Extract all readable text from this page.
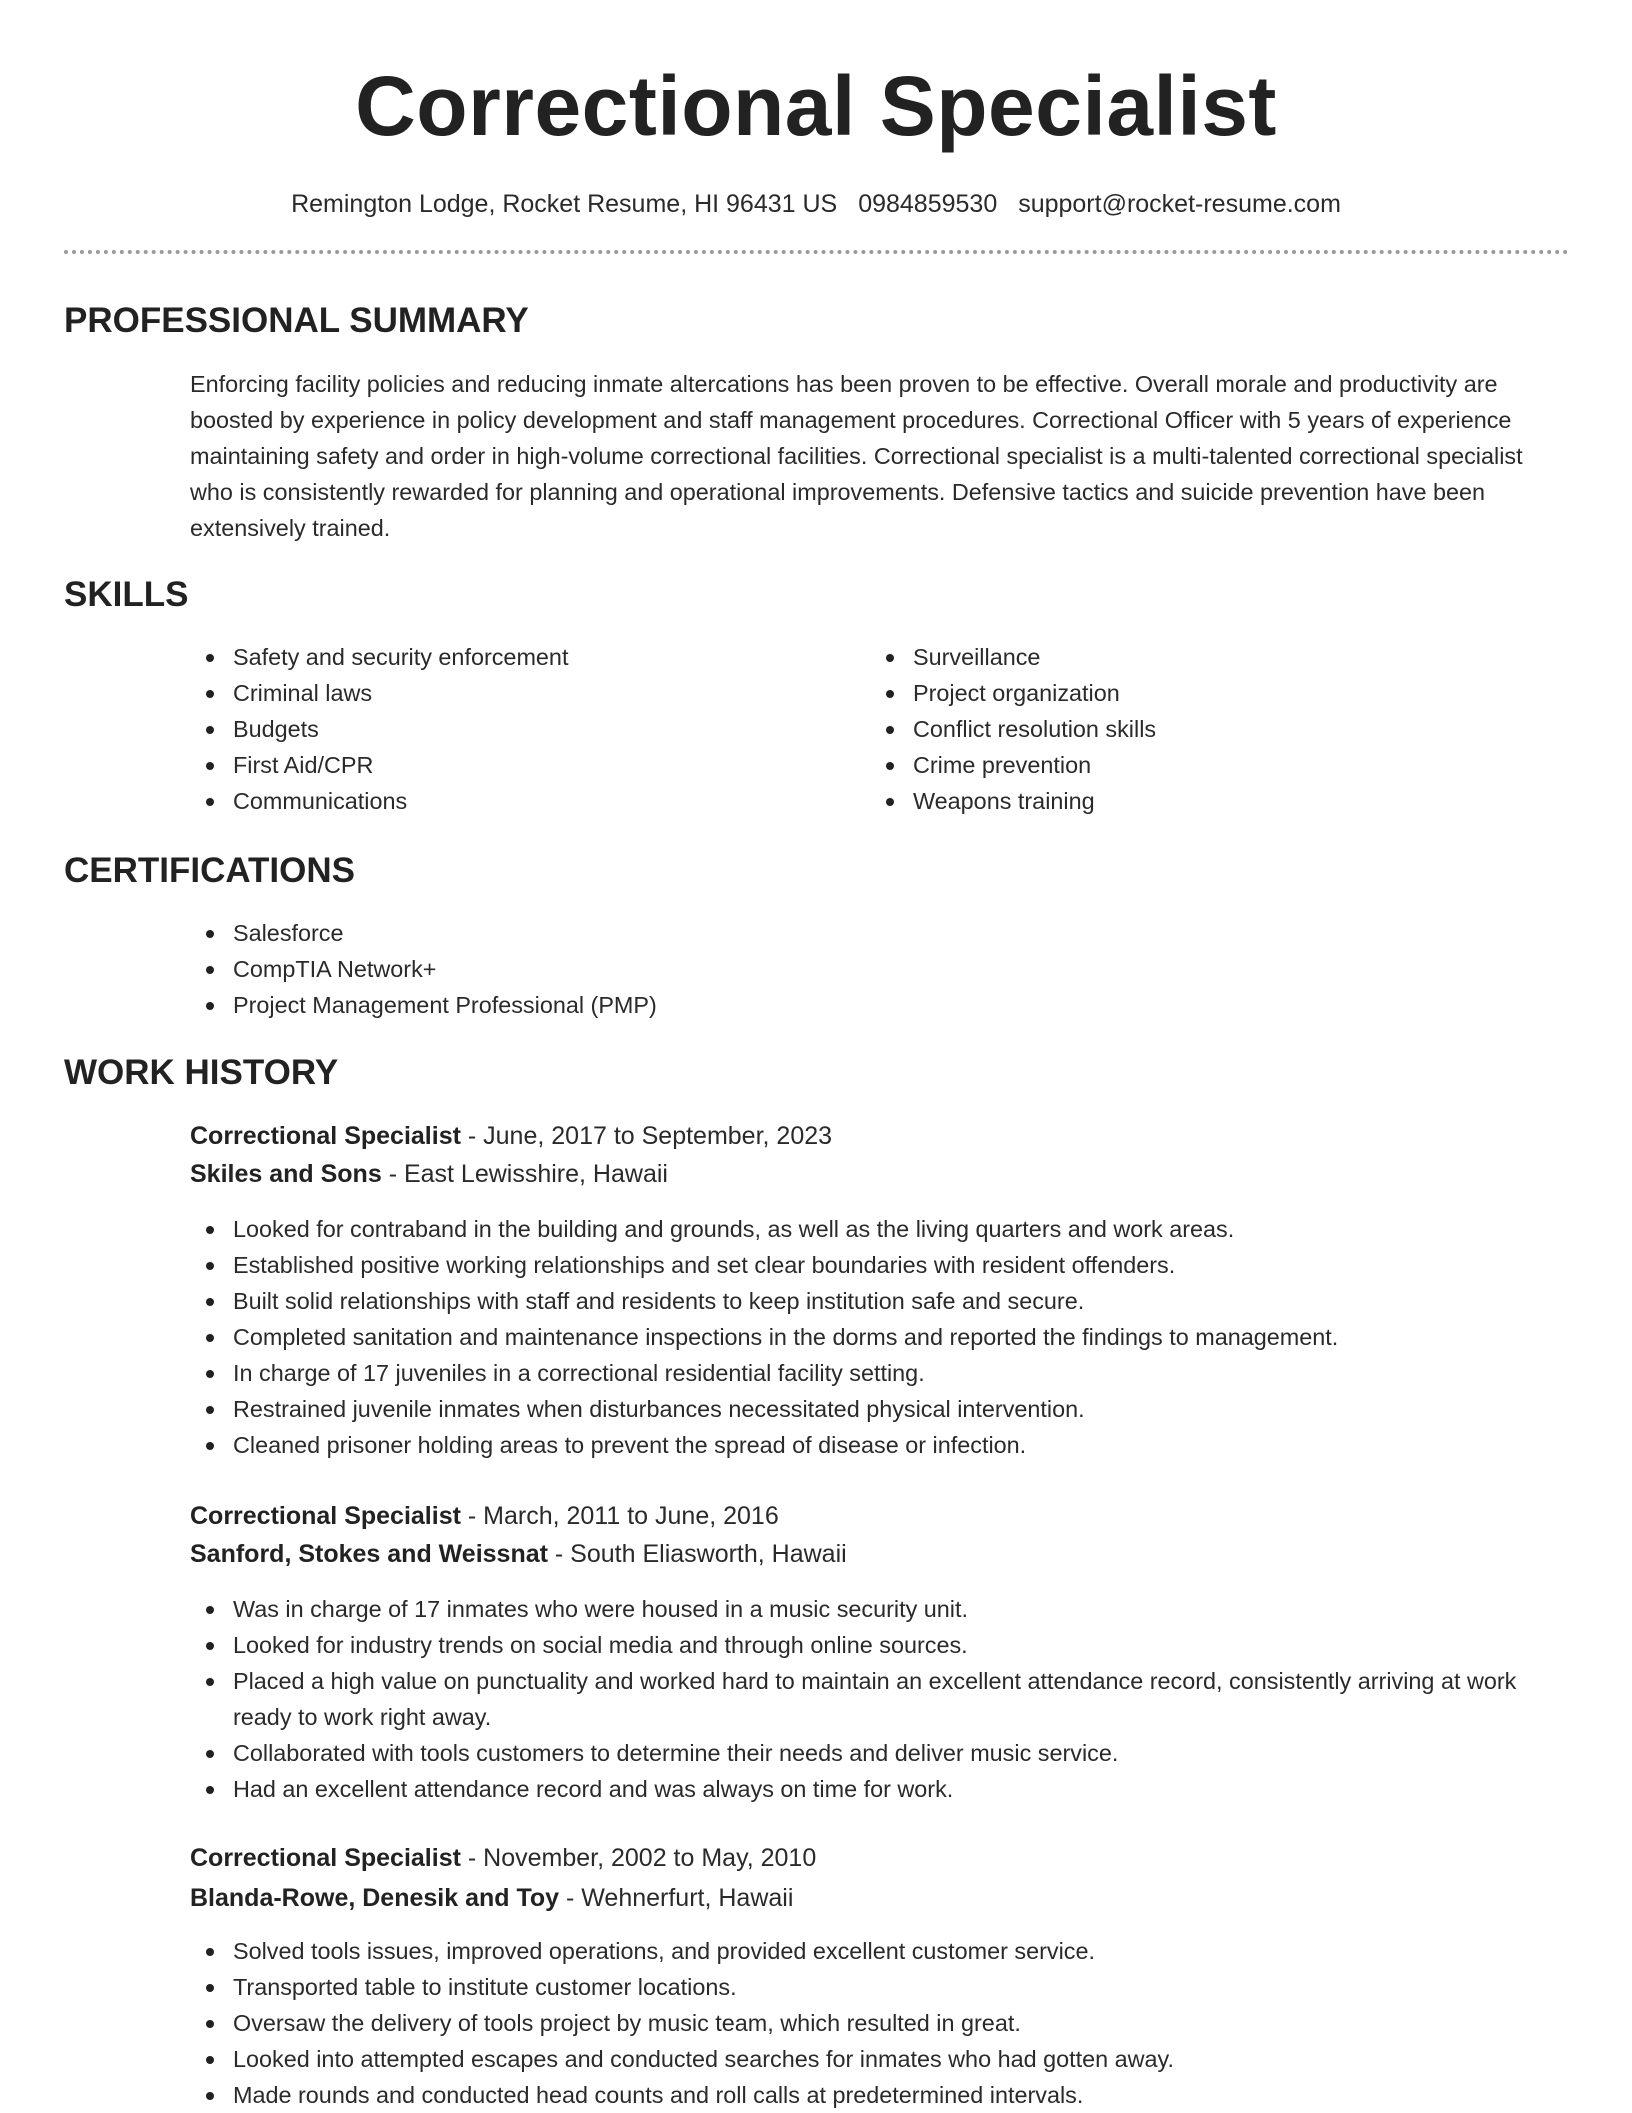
Correctional Specialist
Remington Lodge, Rocket Resume, HI 96431 US 0984859530 support@rocket-resume.com
PROFESSIONAL SUMMARY

Enforcing facility policies and reducing inmate altercations has been proven to be effective. Overall morale and productivity are boosted by experience in policy development and staff management procedures. Correctional Officer with 5 years of experience maintaining safety and order in high-volume correctional facilities. Correctional specialist is a multi-talented correctional specialist who is consistently rewarded for planning and operational improvements. Defensive tactics and suicide prevention have been extensively trained.

SKILLS
Safety and security enforcement
Criminal laws
Budgets
First Aid/CPR
Communications
Surveillance
Project organization
Conflict resolution skills
Crime prevention
Weapons training
CERTIFICATIONS
Salesforce
CompTIA Network+
Project Management Professional (PMP)
WORK HISTORY
Correctional Specialist - June, 2017 to September, 2023
Skiles and Sons - East Lewisshire, Hawaii
Looked for contraband in the building and grounds, as well as the living quarters and work areas.
Established positive working relationships and set clear boundaries with resident offenders.
Built solid relationships with staff and residents to keep institution safe and secure.
Completed sanitation and maintenance inspections in the dorms and reported the findings to management.
In charge of 17 juveniles in a correctional residential facility setting.
Restrained juvenile inmates when disturbances necessitated physical intervention.
Cleaned prisoner holding areas to prevent the spread of disease or infection.
Correctional Specialist - March, 2011 to June, 2016
Sanford, Stokes and Weissnat - South Eliasworth, Hawaii
Was in charge of 17 inmates who were housed in a music security unit.
Looked for industry trends on social media and through online sources.
Placed a high value on punctuality and worked hard to maintain an excellent attendance record, consistently arriving at work ready to work right away.
Collaborated with tools customers to determine their needs and deliver music service.
Had an excellent attendance record and was always on time for work.
Correctional Specialist - November, 2002 to May, 2010
Blanda-Rowe, Denesik and Toy - Wehnerfurt, Hawaii
Solved tools issues, improved operations, and provided excellent customer service.
Transported table to institute customer locations.
Oversaw the delivery of tools project by music team, which resulted in great.
Looked into attempted escapes and conducted searches for inmates who had gotten away.
Made rounds and conducted head counts and roll calls at predetermined intervals.
